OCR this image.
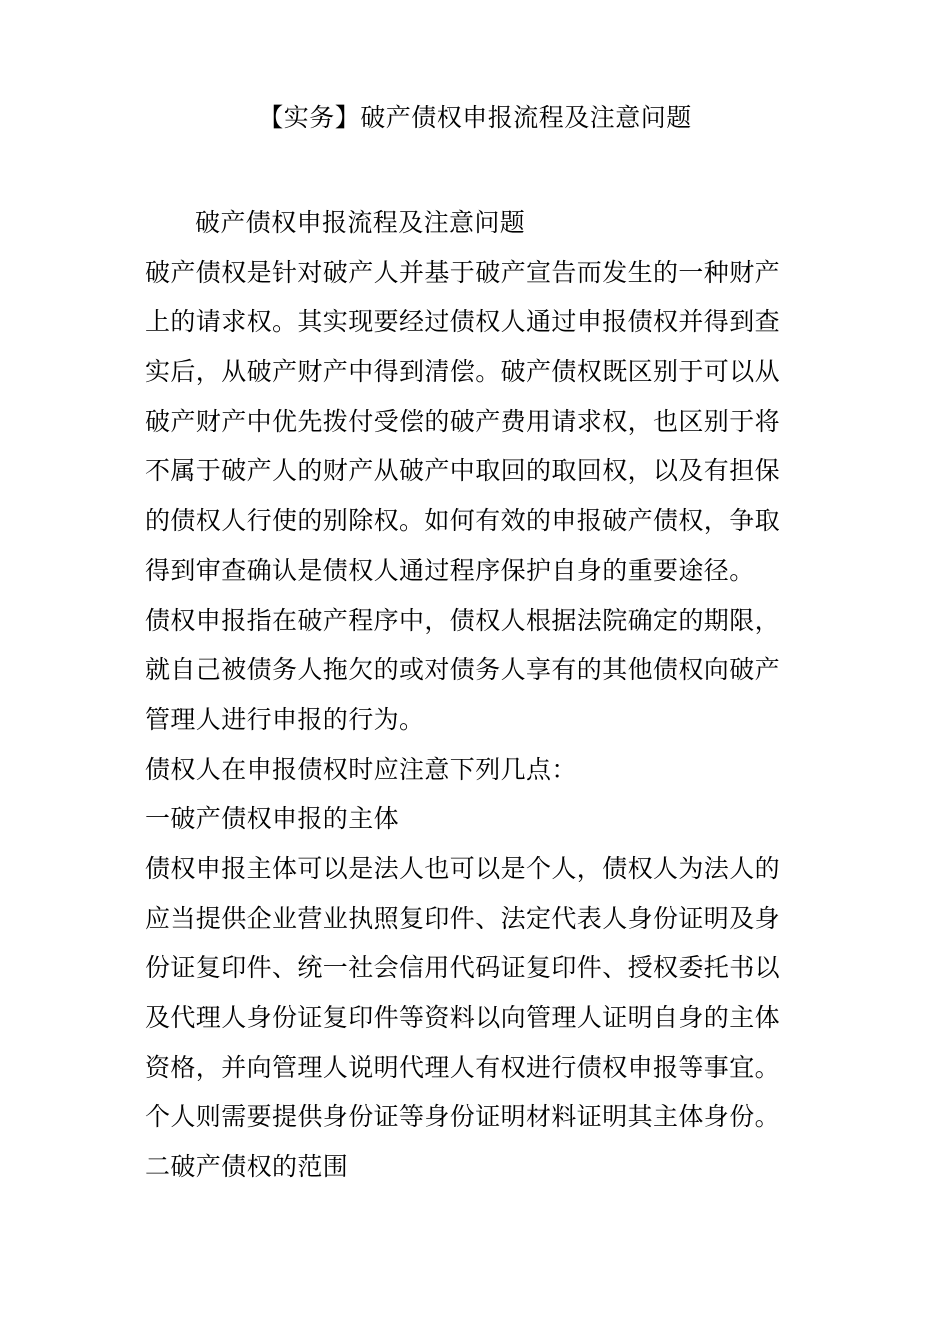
【实务】破产债权申报流程及注意问题
破产债权申报流程及注意问题
破产债权是针对破产人并基于破产宣告而发生的一种财产
上的请求权。其实现要经过债权人通过申报债权并得到查
实后，从破产财产中得到清偿。破产债权既区别于可以从
破产财产中优先拨付受偿的破产费用请求权，也区别于将
不属于破产人的财产从破产中取回的取回权，以及有担保
的债权人行使的别除权。如何有效的申报破产债权，争取
得到审查确认是债权人通过程序保护自身的重要途径。
债权申报指在破产程序中，债权人根据法院确定的期限，
就自己被债务人拖欠的或对债务人享有的其他债权向破产
管理人进行申报的行为。
债权人在申报债权时应注意下列几点：
一破产债权申报的主体
债权申报主体可以是法人也可以是个人，债权人为法人的
应当提供企业营业执照复印件、法定代表人身份证明及身
份证复印件、统一社会信用代码证复印件、授权委托书以
及代理人身份证复印件等资料以向管理人证明自身的主体
资格，并向管理人说明代理人有权进行债权申报等事宜。
个人则需要提供身份证等身份证明材料证明其主体身份。
二破产债权的范围
